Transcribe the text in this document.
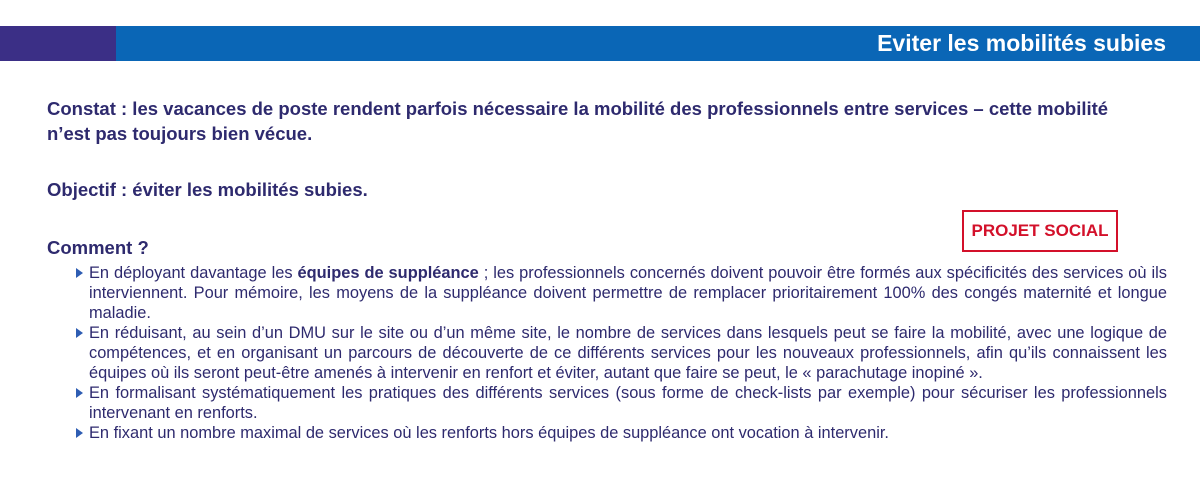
Eviter les mobilités subies

Constat : les vacances de poste rendent parfois nécessaire la mobilité des professionnels entre services – cette mobilité n’est pas toujours bien vécue.

Objectif : éviter les mobilités subies.

Comment ?

PROJET SOCIAL
En déployant davantage les équipes de suppléance ; les professionnels concernés doivent pouvoir être formés aux spécificités des services où ils interviennent. Pour mémoire, les moyens de la suppléance doivent permettre de remplacer prioritairement 100% des congés maternité et longue maladie.
En réduisant, au sein d’un DMU sur le site ou d’un même site, le nombre de services dans lesquels peut se faire la mobilité, avec une logique de compétences, et en organisant un parcours de découverte de ce différents services pour les nouveaux professionnels, afin qu’ils connaissent les équipes où ils seront peut-être amenés à intervenir en renfort et éviter, autant que faire se peut, le « parachutage inopiné ».
En formalisant systématiquement les pratiques des différents services (sous forme de check-lists par exemple) pour sécuriser les professionnels intervenant en renforts.
En fixant un nombre maximal de services où les renforts hors équipes de suppléance ont vocation à intervenir.
